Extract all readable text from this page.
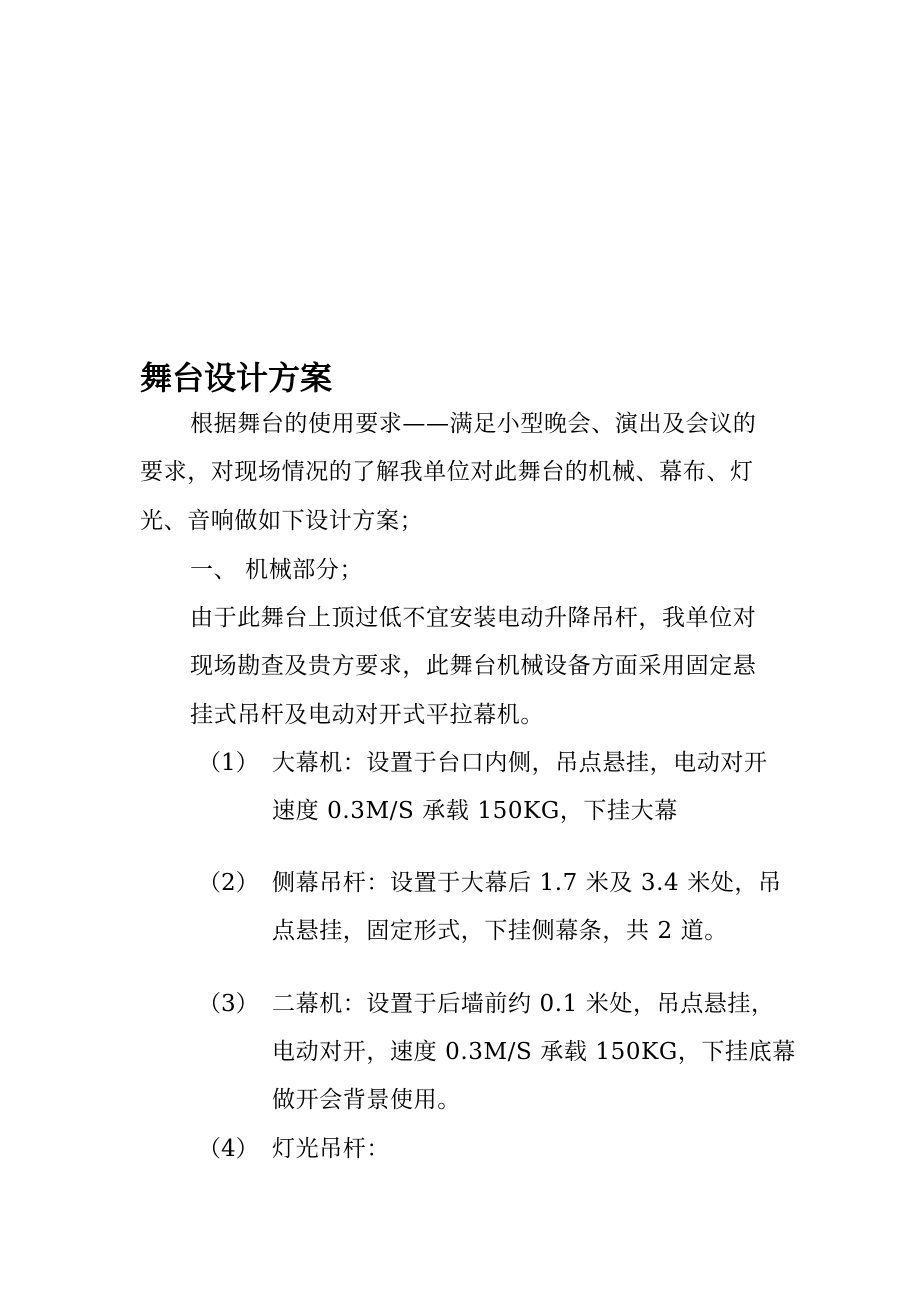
舞台设计方案
根据舞台的使用要求——满足小型晚会、演出及会议的
要求，对现场情况的了解我单位对此舞台的机械、幕布、灯
光、音响做如下设计方案；
一、 机械部分；
由于此舞台上顶过低不宜安装电动升降吊杆，我单位对
现场勘查及贵方要求，此舞台机械设备方面采用固定悬
挂式吊杆及电动对开式平拉幕机。
（1） 大幕机：设置于台口内侧，吊点悬挂，电动对开
速度 0.3M/S 承载 150KG，下挂大幕
（2） 侧幕吊杆：设置于大幕后 1.7 米及 3.4 米处，吊
点悬挂，固定形式，下挂侧幕条，共 2 道。
（3） 二幕机：设置于后墙前约 0.1 米处，吊点悬挂，
电动对开，速度 0.3M/S 承载 150KG，下挂底幕
做开会背景使用。
（4） 灯光吊杆：
